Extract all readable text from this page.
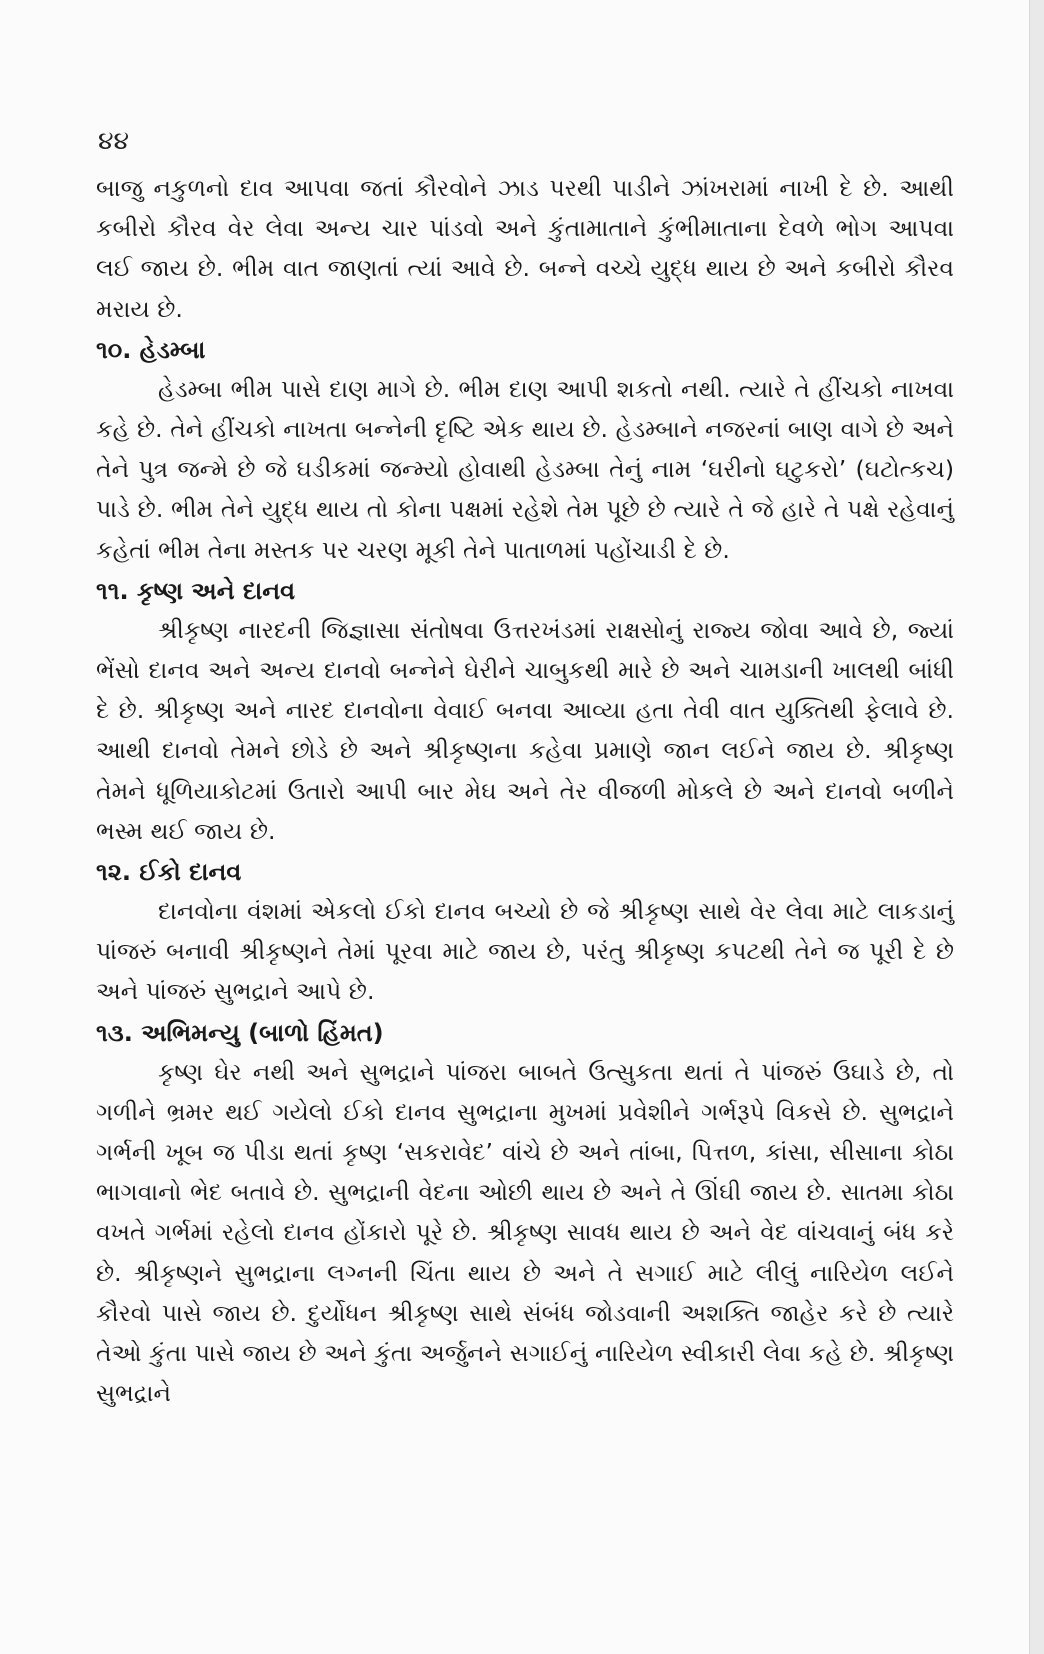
૪૪

બાજુ નકુળનો દાવ આપવા જતાં કૌરવોને ઝાડ પરથી પાડીને ઝાંખરામાં નાખી દે છે. આથી કબીરો કૌરવ વેર લેવા અન્ય ચાર પાંડવો અને કુંતામાતાને કુંભીમાતાના દેવળે ભોગ આપવા લઈ જાય છે. ભીમ વાત જાણતાં ત્યાં આવે છે. બન્ને વચ્ચે યુદ્ધ થાય છે અને કબીરો કૌરવ મરાય છે.

૧૦. હેડમ્બા

હેડમ્બા ભીમ પાસે દાણ માગે છે. ભીમ દાણ આપી શકતો નથી. ત્યારે તે હીંચકો નાખવા કહે છે. તેને હીંચકો નાખતા બન્નેની દૃષ્ટિ એક થાય છે. હેડમ્બાને નજરનાં બાણ વાગે છે અને તેને પુત્ર જન્મે છે જે ઘડીકમાં જન્મ્યો હોવાથી હેડમ્બા તેનું નામ ‘ઘરીનો ઘટુકરો’ (ઘટોત્કચ) પાડે છે. ભીમ તેને યુદ્ધ થાય તો કોના પક્ષમાં રહેશે તેમ પૂછે છે ત્યારે તે જે હારે તે પક્ષે રહેવાનું કહેતાં ભીમ તેના મસ્તક પર ચરણ મૂકી તેને પાતાળમાં પહોંચાડી દે છે.

૧૧. કૃષ્ણ અને દાનવ

શ્રીકૃષ્ણ નારદની જિજ્ઞાસા સંતોષવા ઉત્તરખંડમાં રાક્ષસોનું રાજ્ય જોવા આવે છે, જ્યાં ભેંસો દાનવ અને અન્ય દાનવો બન્નેને ઘેરીને ચાબુકથી મારે છે અને ચામડાની ખાલથી બાંધી દે છે. શ્રીકૃષ્ણ અને નારદ દાનવોના વેવાઈ બનવા આવ્યા હતા તેવી વાત યુક્તિથી ફેલાવે છે. આથી દાનવો તેમને છોડે છે અને શ્રીકૃષ્ણના કહેવા પ્રમાણે જાન લઈને જાય છે. શ્રીકૃષ્ણ તેમને ધૂળિયાકોટમાં ઉતારો આપી બાર મેઘ અને તેર વીજળી મોકલે છે અને દાનવો બળીને ભસ્મ થઈ જાય છે.

૧૨. ઈકો દાનવ

દાનવોના વંશમાં એકલો ઈકો દાનવ બચ્યો છે જે શ્રીકૃષ્ણ સાથે વેર લેવા માટે લાકડાનું પાંજરું બનાવી શ્રીકૃષ્ણને તેમાં પૂરવા માટે જાય છે, પરંતુ શ્રીકૃષ્ણ કપટથી તેને જ પૂરી દે છે અને પાંજરું સુભદ્રાને આપે છે.

૧૩. અભિમન્યુ (બાળો હિંમત)

કૃષ્ણ ઘેર નથી અને સુભદ્રાને પાંજરા બાબતે ઉત્સુકતા થતાં તે પાંજરું ઉઘાડે છે, તો ગળીને ભ્રમર થઈ ગયેલો ઈકો દાનવ સુભદ્રાના મુખમાં પ્રવેશીને ગર્ભરૂપે વિકસે છે. સુભદ્રાને ગર્ભની ખૂબ જ પીડા થતાં કૃષ્ણ ‘સકરાવેદ’ વાંચે છે અને તાંબા, પિત્તળ, કાંસા, સીસાના કોઠા ભાગવાનો ભેદ બતાવે છે. સુભદ્રાની વેદના ઓછી થાય છે અને તે ઊંઘી જાય છે. સાતમા કોઠા વખતે ગર્ભમાં રહેલો દાનવ હોંકારો પૂરે છે. શ્રીકૃષ્ણ સાવધ થાય છે અને વેદ વાંચવાનું બંધ કરે છે. શ્રીકૃષ્ણને સુભદ્રાના લગ્નની ચિંતા થાય છે અને તે સગાઈ માટે લીલું નારિયેળ લઈને કૌરવો પાસે જાય છે. દુર્યોધન શ્રીકૃષ્ણ સાથે સંબંધ જોડવાની અશક્તિ જાહેર કરે છે ત્યારે તેઓ કુંતા પાસે જાય છે અને કુંતા અર્જુનને સગાઈનું નારિયેળ સ્વીકારી લેવા કહે છે. શ્રીકૃષ્ણ સુભદ્રાને
